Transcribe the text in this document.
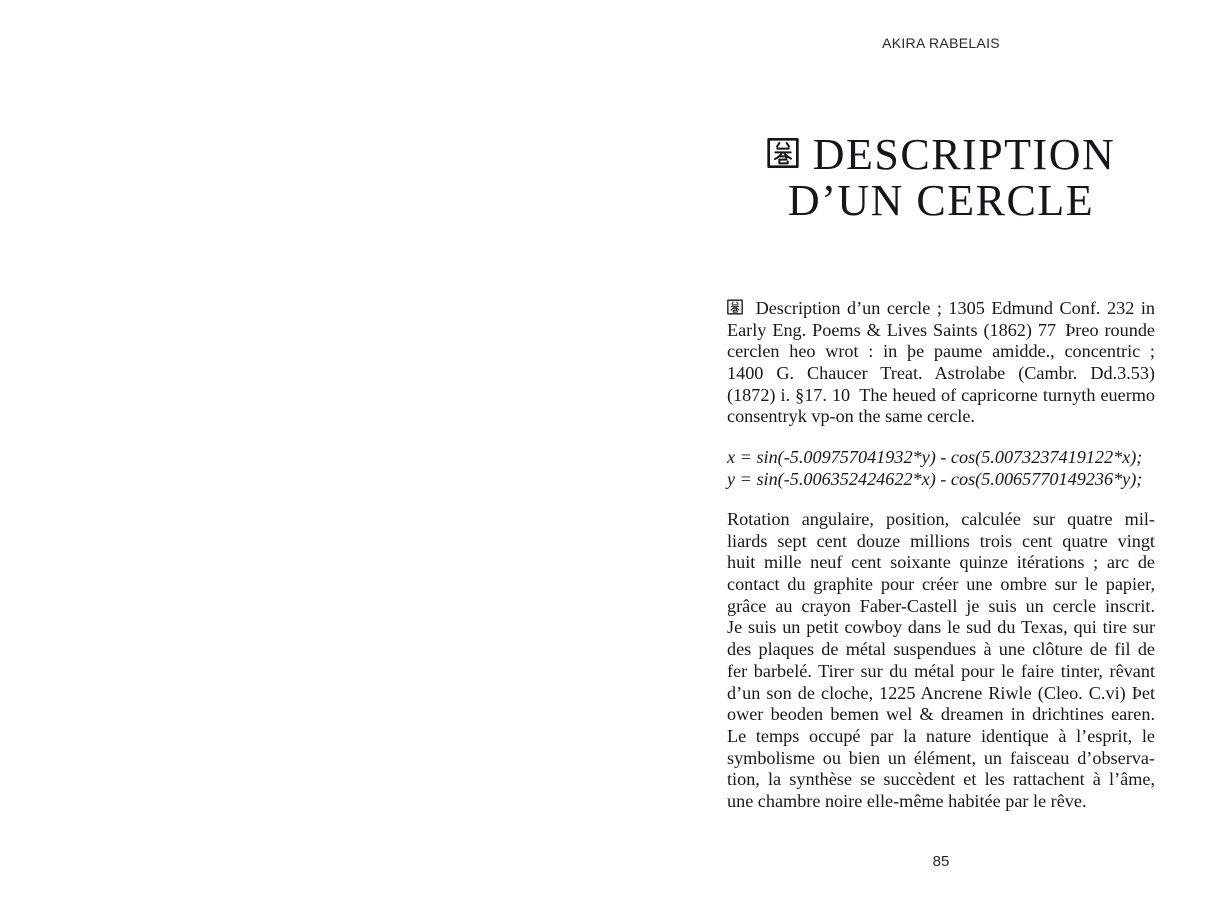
AKIRA RABELAIS
DESCRIPTION
D’UN CERCLE
Description d’un cercle ; 1305 Edmund Conf. 232 in
Early Eng. Poems & Lives Saints (1862) 77 Þreo rounde
cerclen heo wrot : in þe paume amidde., concentric ;
1400 G. Chaucer Treat. Astrolabe (Cambr. Dd.3.53)
(1872) i. §17. 10 The heued of capricorne turnyth euermo
consentryk vp-on the same cercle.
x = sin(-5.009757041932*y) - cos(5.0073237419122*x);
y = sin(-5.006352424622*x) - cos(5.0065770149236*y);
Rotation angulaire, position, calculée sur quatre mil-
liards sept cent douze millions trois cent quatre vingt
huit mille neuf cent soixante quinze itérations ; arc de
contact du graphite pour créer une ombre sur le papier,
grâce au crayon Faber-Castell je suis un cercle inscrit.
Je suis un petit cowboy dans le sud du Texas, qui tire sur
des plaques de métal suspendues à une clôture de fil de
fer barbelé. Tirer sur du métal pour le faire tinter, rêvant
d’un son de cloche, 1225 Ancrene Riwle (Cleo. C.vi) Þet
ower beoden bemen wel & dreamen in drichtines earen.
Le temps occupé par la nature identique à l’esprit, le
symbolisme ou bien un élément, un faisceau d’observa-
tion, la synthèse se succèdent et les rattachent à l’âme,
une chambre noire elle-même habitée par le rêve.
85
